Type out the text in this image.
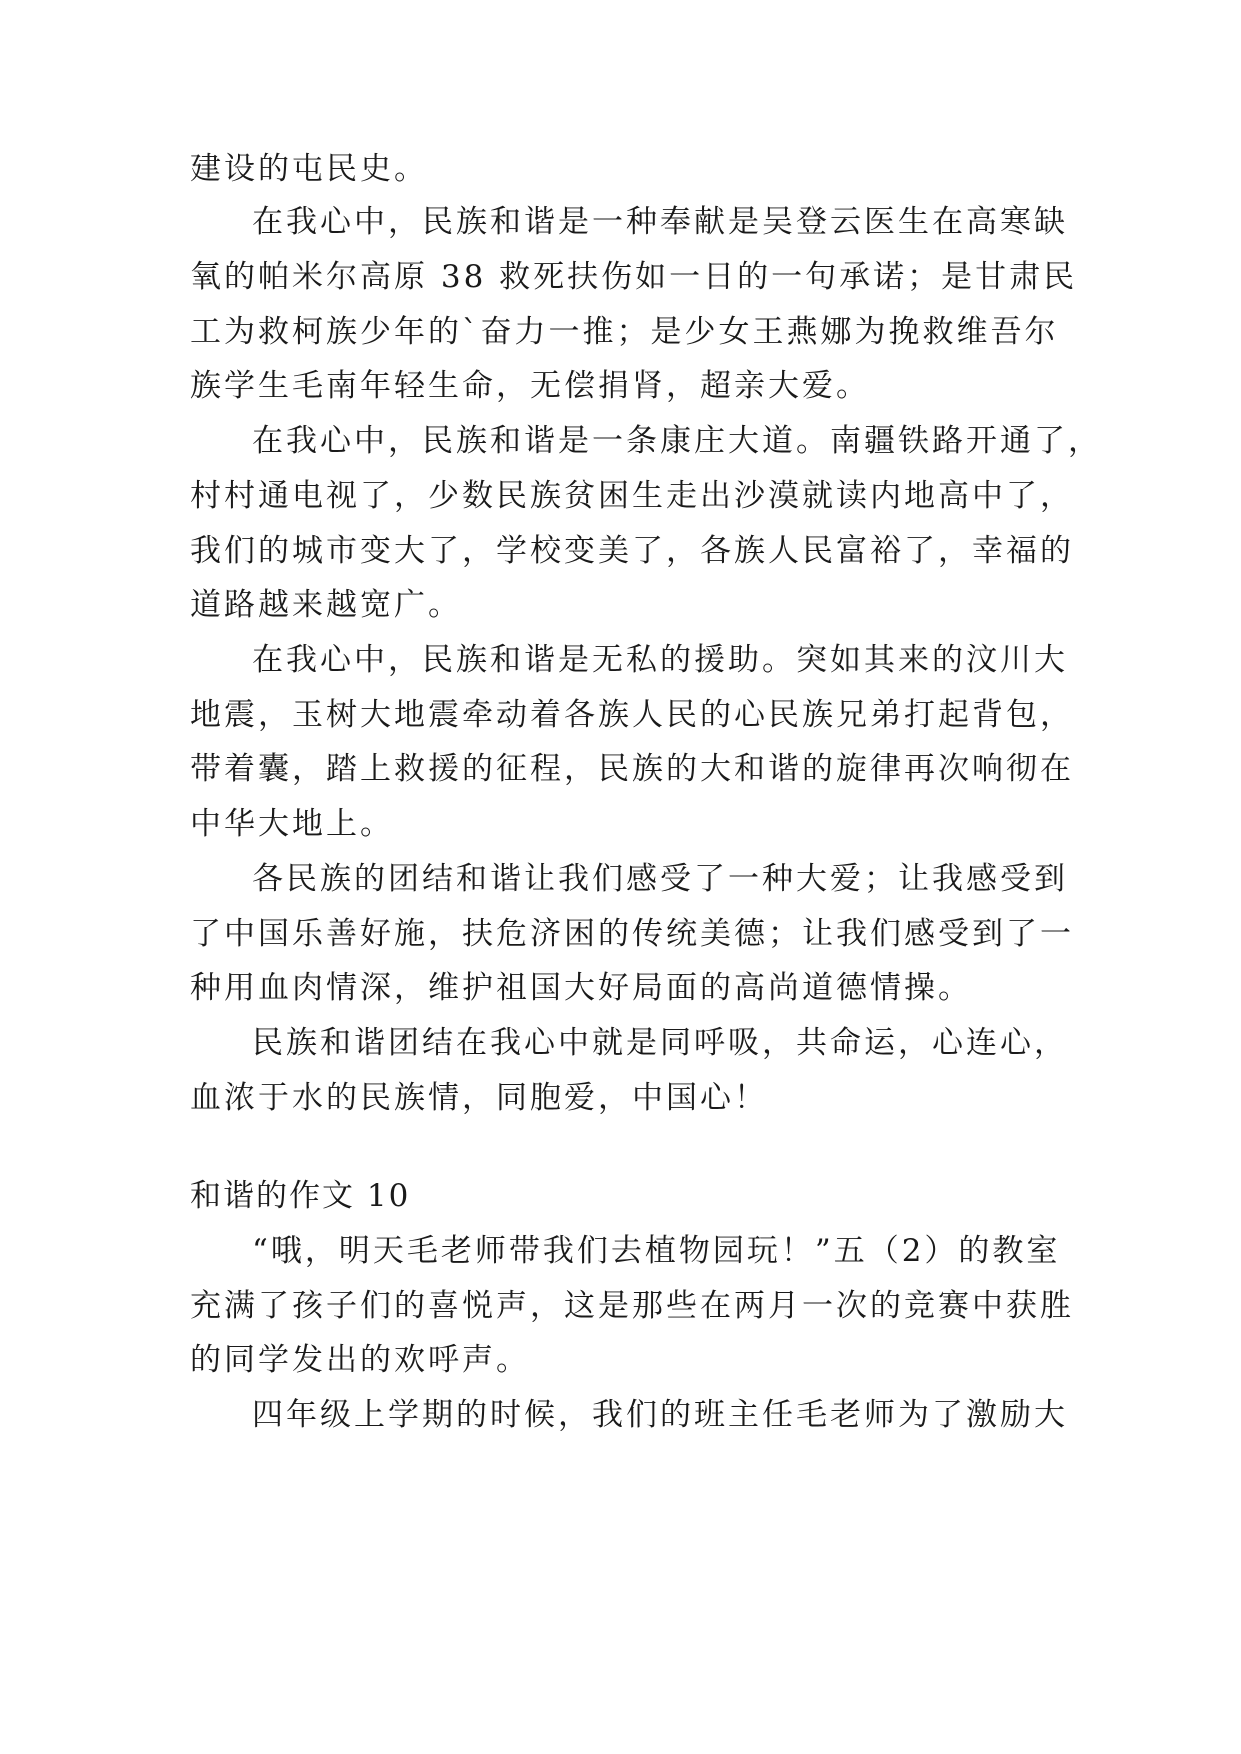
建设的屯民史。
在我心中，民族和谐是一种奉献是吴登云医生在高寒缺
氧的帕米尔高原 38 救死扶伤如一日的一句承诺；是甘肃民
工为救柯族少年的`奋力一推；是少女王燕娜为挽救维吾尔
族学生毛南年轻生命，无偿捐肾，超亲大爱。
在我心中，民族和谐是一条康庄大道。南疆铁路开通了，
村村通电视了，少数民族贫困生走出沙漠就读内地高中了，
我们的城市变大了，学校变美了，各族人民富裕了，幸福的
道路越来越宽广。
在我心中，民族和谐是无私的援助。突如其来的汶川大
地震，玉树大地震牵动着各族人民的心民族兄弟打起背包，
带着囊，踏上救援的征程，民族的大和谐的旋律再次响彻在
中华大地上。
各民族的团结和谐让我们感受了一种大爱；让我感受到
了中国乐善好施，扶危济困的传统美德；让我们感受到了一
种用血肉情深，维护祖国大好局面的高尚道德情操。
民族和谐团结在我心中就是同呼吸，共命运，心连心，
血浓于水的民族情，同胞爱，中国心！
和谐的作文 10
“哦，明天毛老师带我们去植物园玩！”五（2）的教室
充满了孩子们的喜悦声，这是那些在两月一次的竞赛中获胜
的同学发出的欢呼声。
四年级上学期的时候，我们的班主任毛老师为了激励大
